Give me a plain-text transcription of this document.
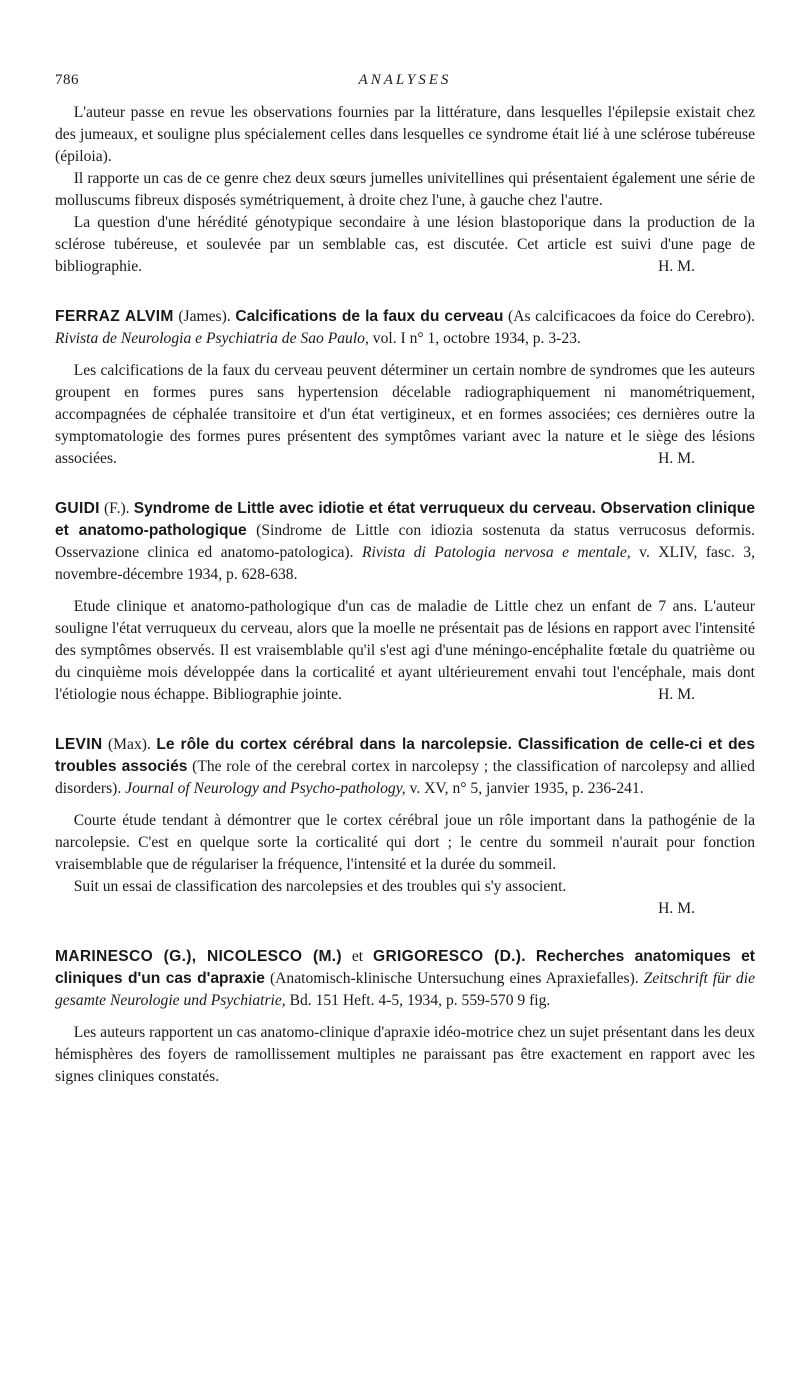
786	ANALYSES

L'auteur passe en revue les observations fournies par la littérature, dans lesquelles l'épilepsie existait chez des jumeaux, et souligne plus spécialement celles dans lesquelles ce syndrome était lié à une sclérose tubéreuse (épiloia).

Il rapporte un cas de ce genre chez deux sœurs jumelles univitellines qui présentaient également une série de molluscums fibreux disposés symétriquement, à droite chez l'une, à gauche chez l'autre.

La question d'une hérédité génotypique secondaire à une lésion blastoporique dans la production de la sclérose tubéreuse, et soulevée par un semblable cas, est discutée. Cet article est suivi d'une page de bibliographie.	H. M.

FERRAZ ALVIM (James). Calcifications de la faux du cerveau (As calcificacoes da foice do Cerebro). Rivista de Neurologia e Psychiatria de Sao Paulo, vol. I n° 1, octobre 1934, p. 3-23.

Les calcifications de la faux du cerveau peuvent déterminer un certain nombre de syndromes que les auteurs groupent en formes pures sans hypertension décelable radiographiquement ni manométriquement, accompagnées de céphalée transitoire et d'un état vertigineux, et en formes associées; ces dernières outre la symptomatologie des formes pures présentent des symptômes variant avec la nature et le siège des lésions associées.	H. M.

GUIDI (F.). Syndrome de Little avec idiotie et état verruqueux du cerveau. Observation clinique et anatomo-pathologique (Sindrome de Little con idiozia sostenuta da status verrucosus deformis. Osservazione clinica ed anatomo-patologica). Rivista di Patologia nervosa e mentale, v. XLIV, fasc. 3, novembre-décembre 1934, p. 628-638.

Etude clinique et anatomo-pathologique d'un cas de maladie de Little chez un enfant de 7 ans. L'auteur souligne l'état verruqueux du cerveau, alors que la moelle ne présentait pas de lésions en rapport avec l'intensité des symptômes observés. Il est vraisemblable qu'il s'est agi d'une méningo-encéphalite fœtale du quatrième ou du cinquième mois développée dans la corticalité et ayant ultérieurement envahi tout l'encéphale, mais dont l'étiologie nous échappe. Bibliographie jointe.	H. M.

LEVIN (Max). Le rôle du cortex cérébral dans la narcolepsie. Classification de celle-ci et des troubles associés (The role of the cerebral cortex in narcolepsy ; the classification of narcolepsy and allied disorders). Journal of Neurology and Psycho-pathology, v. XV, n° 5, janvier 1935, p. 236-241.

Courte étude tendant à démontrer que le cortex cérébral joue un rôle important dans la pathogénie de la narcolepsie. C'est en quelque sorte la corticalité qui dort ; le centre du sommeil n'aurait pour fonction vraisemblable que de régulariser la fréquence, l'intensité et la durée du sommeil.

Suit un essai de classification des narcolepsies et des troubles qui s'y associent.

H. M.

MARINESCO (G.), NICOLESCO (M.) et GRIGORESCO (D.). Recherches anatomiques et cliniques d'un cas d'apraxie (Anatomisch-klinische Untersuchung eines Apraxiefalles). Zeitschrift für die gesamte Neurologie und Psychiatrie, Bd. 151 Heft. 4-5, 1934, p. 559-570 9 fig.

Les auteurs rapportent un cas anatomo-clinique d'apraxie idéo-motrice chez un sujet présentant dans les deux hémisphères des foyers de ramollissement multiples ne paraissant pas être exactement en rapport avec les signes cliniques constatés.
